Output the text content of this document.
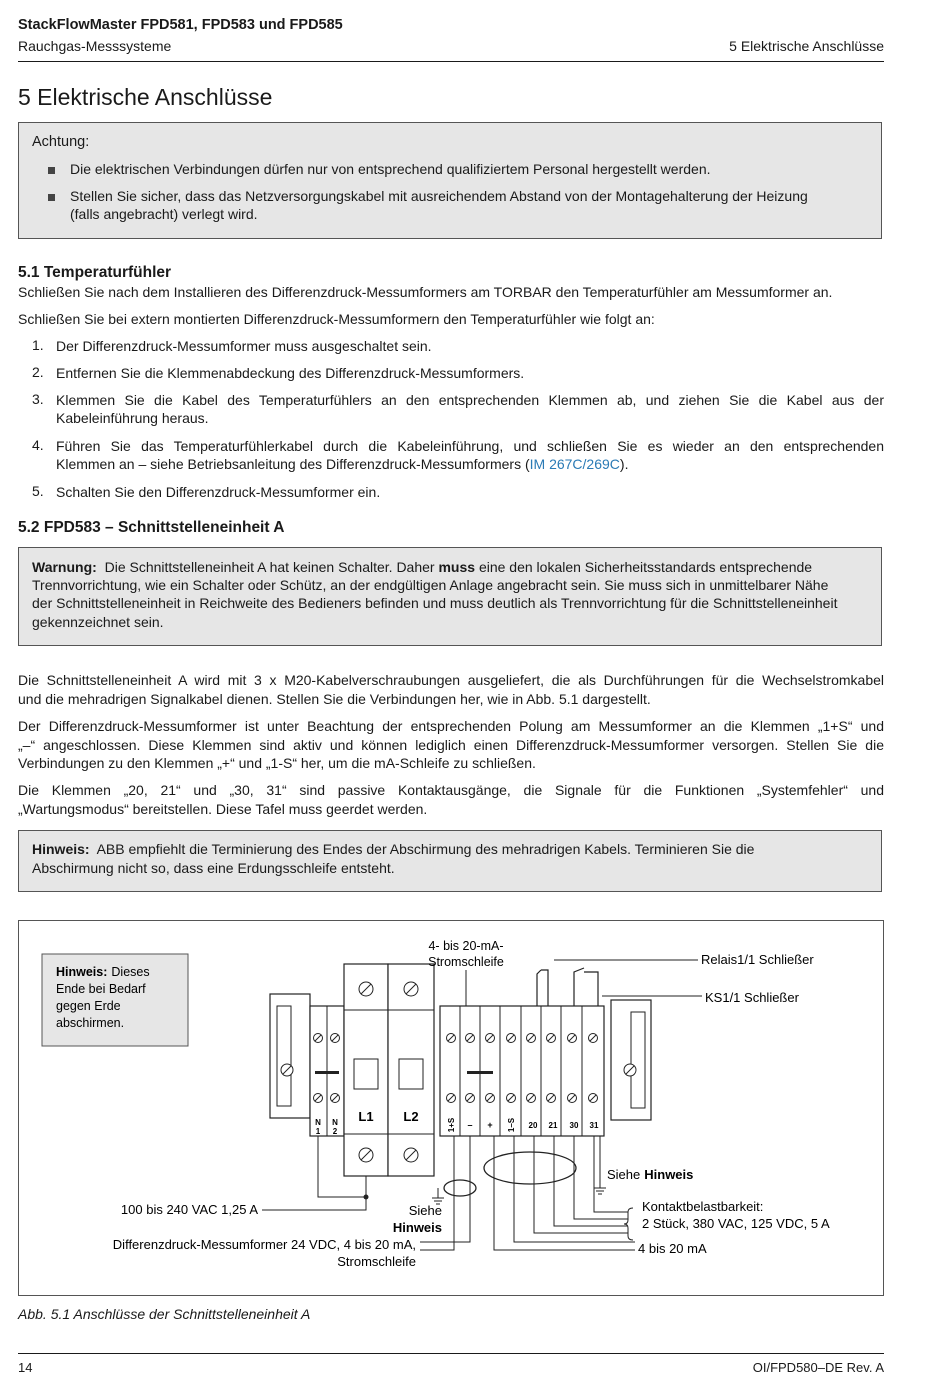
StackFlowMaster FPD581, FPD583 und FPD585
Rauchgas-Messsysteme	5 Elektrische Anschlüsse
5 Elektrische Anschlüsse
Achtung:
Die elektrischen Verbindungen dürfen nur von entsprechend qualifiziertem Personal hergestellt werden.
Stellen Sie sicher, dass das Netzversorgungskabel mit ausreichendem Abstand von der Montagehalterung der Heizung
(falls angebracht) verlegt wird.
5.1 Temperaturfühler
Schließen Sie nach dem Installieren des Differenzdruck-Messumformers am TORBAR den Temperaturfühler am Messumformer an.
Schließen Sie bei extern montierten Differenzdruck-Messumformern den Temperaturfühler wie folgt an:
1. Der Differenzdruck-Messumformer muss ausgeschaltet sein.
2. Entfernen Sie die Klemmenabdeckung des Differenzdruck-Messumformers.
3. Klemmen Sie die Kabel des Temperaturfühlers an den entsprechenden Klemmen ab, und ziehen Sie die Kabel aus der
Kabeleinführung heraus.
4. Führen Sie das Temperaturfühlerkabel durch die Kabeleinführung, und schließen Sie es wieder an den entsprechenden
Klemmen an – siehe Betriebsanleitung des Differenzdruck-Messumformers (IM 267C/269C).
5. Schalten Sie den Differenzdruck-Messumformer ein.
5.2 FPD583 – Schnittstelleneinheit A
Warnung: Die Schnittstelleneinheit A hat keinen Schalter. Daher muss eine den lokalen Sicherheitsstandards entsprechende
Trennvorrichtung, wie ein Schalter oder Schütz, an der endgültigen Anlage angebracht sein. Sie muss sich in unmittelbarer Nähe
der Schnittstelleneinheit in Reichweite des Bedieners befinden und muss deutlich als Trennvorrichtung für die Schnittstelleneinheit
gekennzeichnet sein.
Die Schnittstelleneinheit A wird mit 3 x M20-Kabelverschraubungen ausgeliefert, die als Durchführungen für die Wechselstromkabel
und die mehradrigen Signalkabel dienen. Stellen Sie die Verbindungen her, wie in Abb. 5.1 dargestellt.
Der Differenzdruck-Messumformer ist unter Beachtung der entsprechenden Polung am Messumformer an die Klemmen „1+S“ und
„–“ angeschlossen. Diese Klemmen sind aktiv und können lediglich einen Differenzdruck-Messumformer versorgen. Stellen Sie die
Verbindungen zu den Klemmen „+“ und „1-S“ her, um die mA-Schleife zu schließen.
Die Klemmen „20, 21“ und „30, 31“ sind passive Kontaktausgänge, die Signale für die Funktionen „Systemfehler“ und
„Wartungsmodus“ bereitstellen. Diese Tafel muss geerdet werden.
Hinweis: ABB empfiehlt die Terminierung des Endes der Abschirmung des mehradrigen Kabels. Terminieren Sie die
Abschirmung nicht so, dass eine Erdungsschleife entsteht.
N
1
N
2
L1 L2
1+S – + 1–S 20 21 30 31
4- bis 20-mA-
Stromschleife	Relais1/1 Schließer
KS1/1 Schließer
Hinweis: Dieses
Ende bei Bedarf
gegen Erde
abschirmen.
Siehe Hinweis
Kontaktbelastbarkeit:
2 Stück, 380 VAC, 125 VDC, 5 A
4 bis 20 mA
100 bis 240 VAC 1,25 A	Siehe
Hinweis
Differenzdruck-Messumformer 24 VDC, 4 bis 20 mA,
Stromschleife
Abb. 5.1 Anschlüsse der Schnittstelleneinheit A
14	OI/FPD580–DE Rev. A
